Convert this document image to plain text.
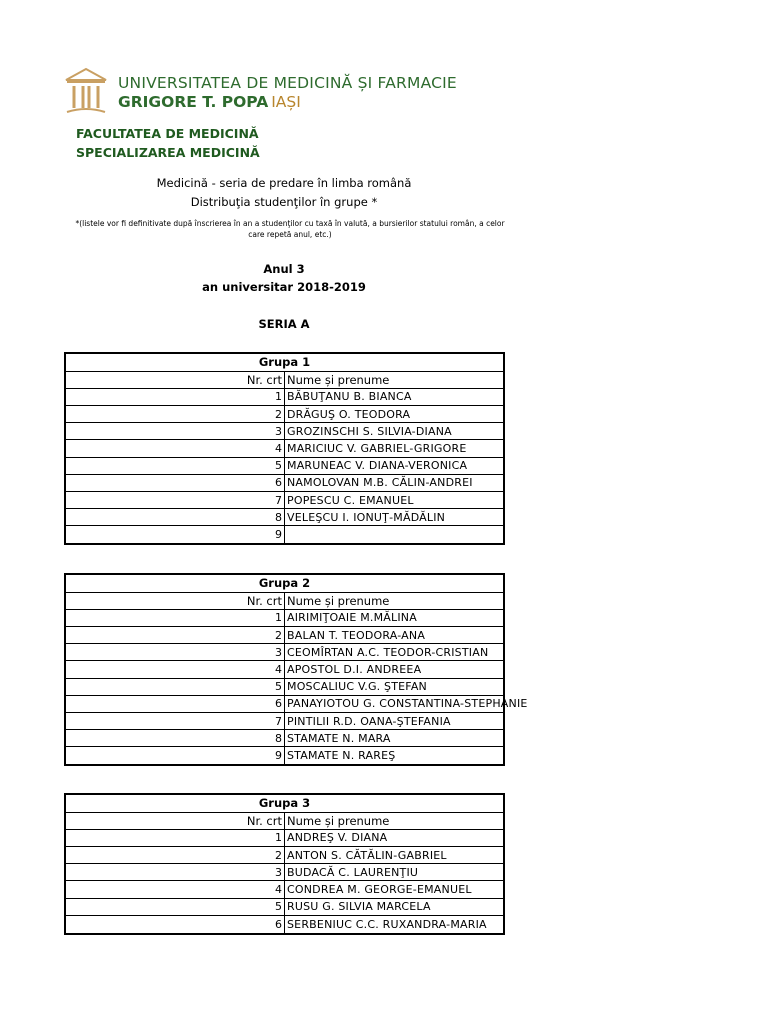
UNIVERSITATEA DE MEDICINĂ ȘI FARMACIE
GRIGORE T. POPA IAȘI
FACULTATEA DE MEDICINĂ
SPECIALIZAREA MEDICINĂ
Medicină - seria de predare în limba română
Distribuţia studenţilor în grupe *
*(listele vor fi definitivate după înscrierea în an a studenţilor cu taxă în valută, a bursierilor statului român, a celor care repetă anul, etc.)
Anul 3
an universitar 2018-2019
SERIA A
Grupa 1	
Nr. crt	Nume și prenume
1	BĂBUŢANU B. BIANCA
2	DRĂGUŞ O. TEODORA
3	GROZINSCHI S. SILVIA-DIANA
4	MARICIUC V. GABRIEL-GRIGORE
5	MARUNEAC V. DIANA-VERONICA
6	NAMOLOVAN M.B. CĂLIN-ANDREI
7	POPESCU C. EMANUEL
8	VELEŞCU I. IONUŢ-MĂDĂLIN
9	
Grupa 2	
Nr. crt	Nume și prenume
1	AIRIMIŢOAIE M.MĂLINA
2	BALAN T. TEODORA-ANA
3	CEOMÎRTAN A.C. TEODOR-CRISTIAN
4	APOSTOL D.I. ANDREEA
5	MOSCALIUC V.G. ŞTEFAN
6	PANAYIOTOU G. CONSTANTINA-STEPHANIE
7	PINTILII R.D. OANA-ŞTEFANIA
8	STAMATE N. MARA
9	STAMATE N. RAREŞ
Grupa 3	
Nr. crt	Nume și prenume
1	ANDREŞ V. DIANA
2	ANTON S. CĂTĂLIN-GABRIEL
3	BUDACĂ C. LAURENŢIU
4	CONDREA M. GEORGE-EMANUEL
5	RUSU G. SILVIA MARCELA
6	SERBENIUC C.C. RUXANDRA-MARIA
